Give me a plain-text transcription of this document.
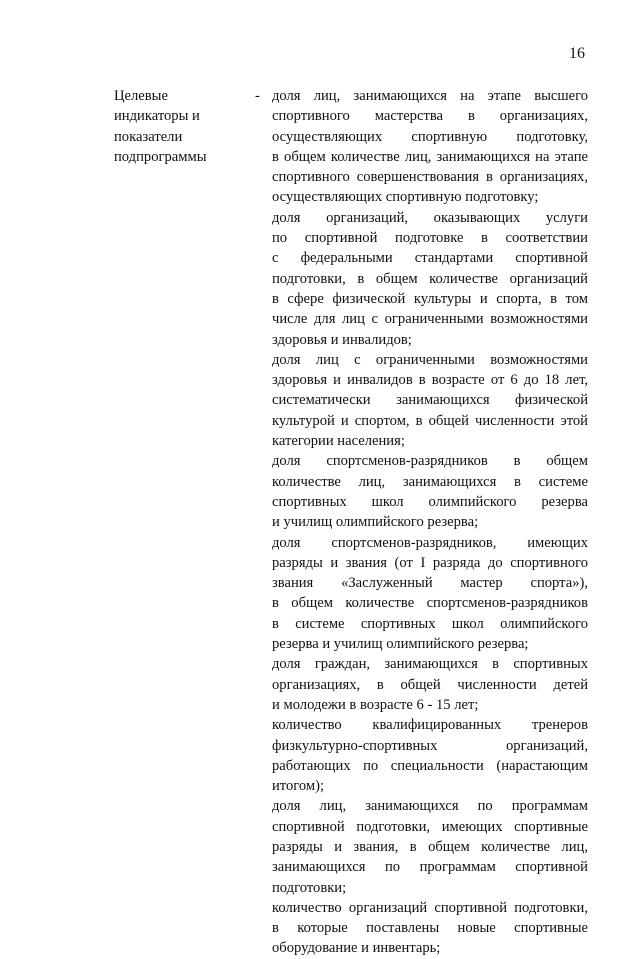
16
Целевые
индикаторы и
показатели
подпрограммы
- доля лиц, занимающихся на этапе высшего
спортивного мастерства в организациях,
осуществляющих спортивную подготовку,
в общем количестве лиц, занимающихся на этапе
спортивного совершенствования в организациях,
осуществляющих спортивную подготовку;
доля организаций, оказывающих услуги
по спортивной подготовке в соответствии
с федеральными стандартами спортивной
подготовки, в общем количестве организаций
в сфере физической культуры и спорта, в том
числе для лиц с ограниченными возможностями
здоровья и инвалидов;
доля лиц с ограниченными возможностями
здоровья и инвалидов в возрасте от 6 до 18 лет,
систематически занимающихся физической
культурой и спортом, в общей численности этой
категории населения;
доля спортсменов-разрядников в общем
количестве лиц, занимающихся в системе
спортивных школ олимпийского резерва
и училищ олимпийского резерва;
доля спортсменов-разрядников, имеющих
разряды и звания (от I разряда до спортивного
звания «Заслуженный мастер спорта»),
в общем количестве спортсменов-разрядников
в системе спортивных школ олимпийского
резерва и училищ олимпийского резерва;
доля граждан, занимающихся в спортивных
организациях, в общей численности детей
и молодежи в возрасте 6 - 15 лет;
количество квалифицированных тренеров
физкультурно-спортивных организаций,
работающих по специальности (нарастающим
итогом);
доля лиц, занимающихся по программам
спортивной подготовки, имеющих спортивные
разряды и звания, в общем количестве лиц,
занимающихся по программам спортивной
подготовки;
количество организаций спортивной подготовки,
в которые поставлены новые спортивные
оборудование и инвентарь;
